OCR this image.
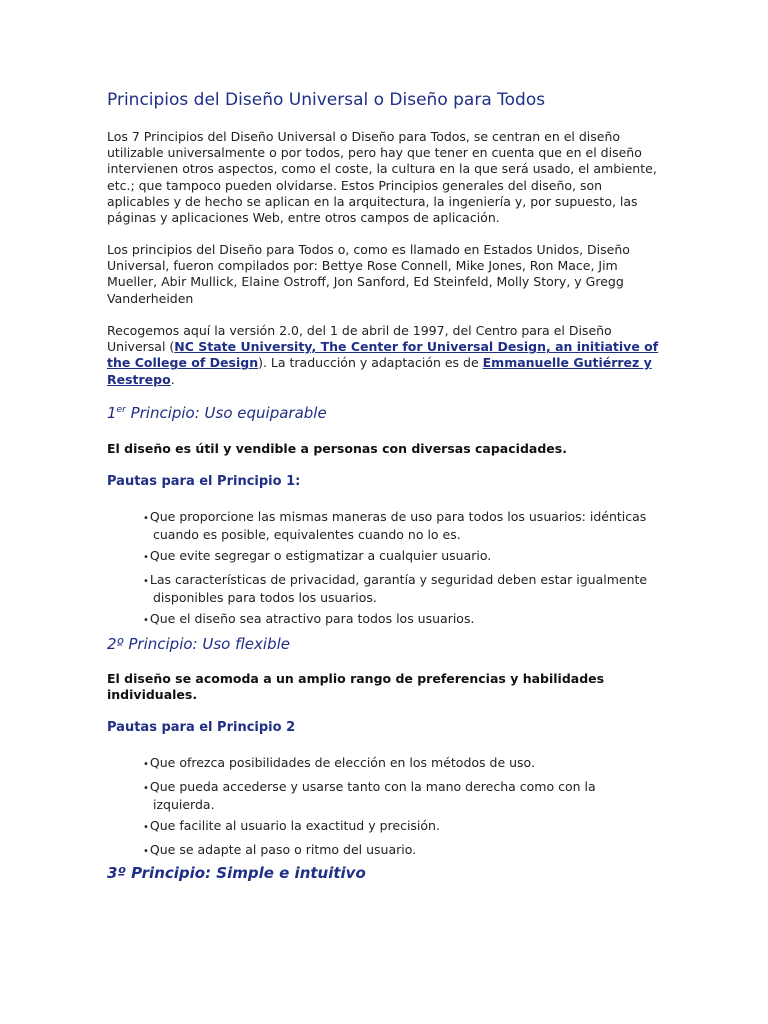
Principios del Diseño Universal o Diseño para Todos

Los 7 Principios del Diseño Universal o Diseño para Todos, se centran en el diseño
utilizable universalmente o por todos, pero hay que tener en cuenta que en el diseño
intervienen otros aspectos, como el coste, la cultura en la que será usado, el ambiente,
etc.; que tampoco pueden olvidarse. Estos Principios generales del diseño, son
aplicables y de hecho se aplican en la arquitectura, la ingeniería y, por supuesto, las
páginas y aplicaciones Web, entre otros campos de aplicación.

Los principios del Diseño para Todos o, como es llamado en Estados Unidos, Diseño
Universal, fueron compilados por: Bettye Rose Connell, Mike Jones, Ron Mace, Jim
Mueller, Abir Mullick, Elaine Ostroff, Jon Sanford, Ed Steinfeld, Molly Story, y Gregg
Vanderheiden

Recogemos aquí la versión 2.0, del 1 de abril de 1997, del Centro para el Diseño
Universal (NC State University, The Center for Universal Design, an initiative of
the College of Design). La traducción y adaptación es de Emmanuelle Gutiérrez y
Restrepo.

1er Principio: Uso equiparable

El diseño es útil y vendible a personas con diversas capacidades.

Pautas para el Principio 1:
•Que proporcione las mismas maneras de uso para todos los usuarios: idénticas
cuando es posible, equivalentes cuando no lo es.
•Que evite segregar o estigmatizar a cualquier usuario.
•Las características de privacidad, garantía y seguridad deben estar igualmente
disponibles para todos los usuarios.
•Que el diseño sea atractivo para todos los usuarios.
2º Principio: Uso flexible

El diseño se acomoda a un amplio rango de preferencias y habilidades
individuales.

Pautas para el Principio 2
•Que ofrezca posibilidades de elección en los métodos de uso.
•Que pueda accederse y usarse tanto con la mano derecha como con la
izquierda.
•Que facilite al usuario la exactitud y precisión.
•Que se adapte al paso o ritmo del usuario.
3º Principio: Simple e intuitivo
